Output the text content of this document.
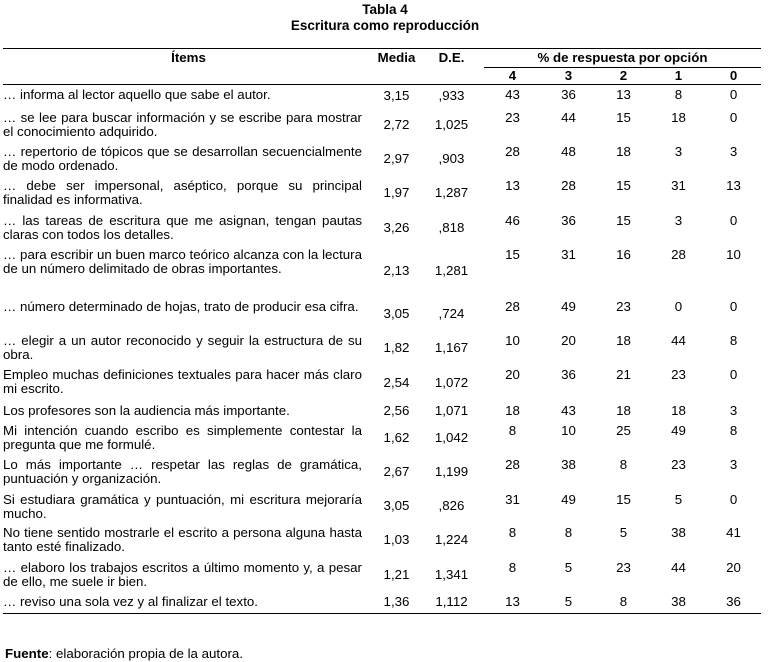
Tabla 4
Escritura como reproducción
Ítems	Media	D.E.	% de respuesta por opción				
			4	3	2	1	0
… informa al lector aquello que sabe el autor.	3,15	,933	43	36	13	8	0
… se lee para buscar información y se escribe para mostrar el conocimiento adquirido.	2,72	1,025	23	44	15	18	0
… repertorio de tópicos que se desarrollan secuencialmente de modo ordenado.	2,97	,903	28	48	18	3	3
… debe ser impersonal, aséptico, porque su principal finalidad es informativa.	1,97	1,287	13	28	15	31	13
… las tareas de escritura que me asignan, tengan pautas claras con todos los detalles.	3,26	,818	46	36	15	3	0
… para escribir un buen marco teórico alcanza con la lectura de un número delimitado de obras importantes.	2,13	1,281	15	31	16	28	10
… número determinado de hojas, trato de producir esa cifra.	3,05	,724	28	49	23	0	0
… elegir a un autor reconocido y seguir la estructura de su obra.	1,82	1,167	10	20	18	44	8
Empleo muchas definiciones textuales para hacer más claro mi escrito.	2,54	1,072	20	36	21	23	0
Los profesores son la audiencia más importante.	2,56	1,071	18	43	18	18	3
Mi intención cuando escribo es simplemente contestar la pregunta que me formulé.	1,62	1,042	8	10	25	49	8
Lo más importante … respetar las reglas de gramática, puntuación y organización.	2,67	1,199	28	38	8	23	3
Si estudiara gramática y puntuación, mi escritura mejoraría mucho.	3,05	,826	31	49	15	5	0
No tiene sentido mostrarle el escrito a persona alguna hasta tanto esté finalizado.	1,03	1,224	8	8	5	38	41
… elaboro los trabajos escritos a último momento y, a pesar de ello, me suele ir bien.	1,21	1,341	8	5	23	44	20
… reviso una sola vez y al finalizar el texto.	1,36	1,112	13	5	8	38	36
Fuente: elaboración propia de la autora.
